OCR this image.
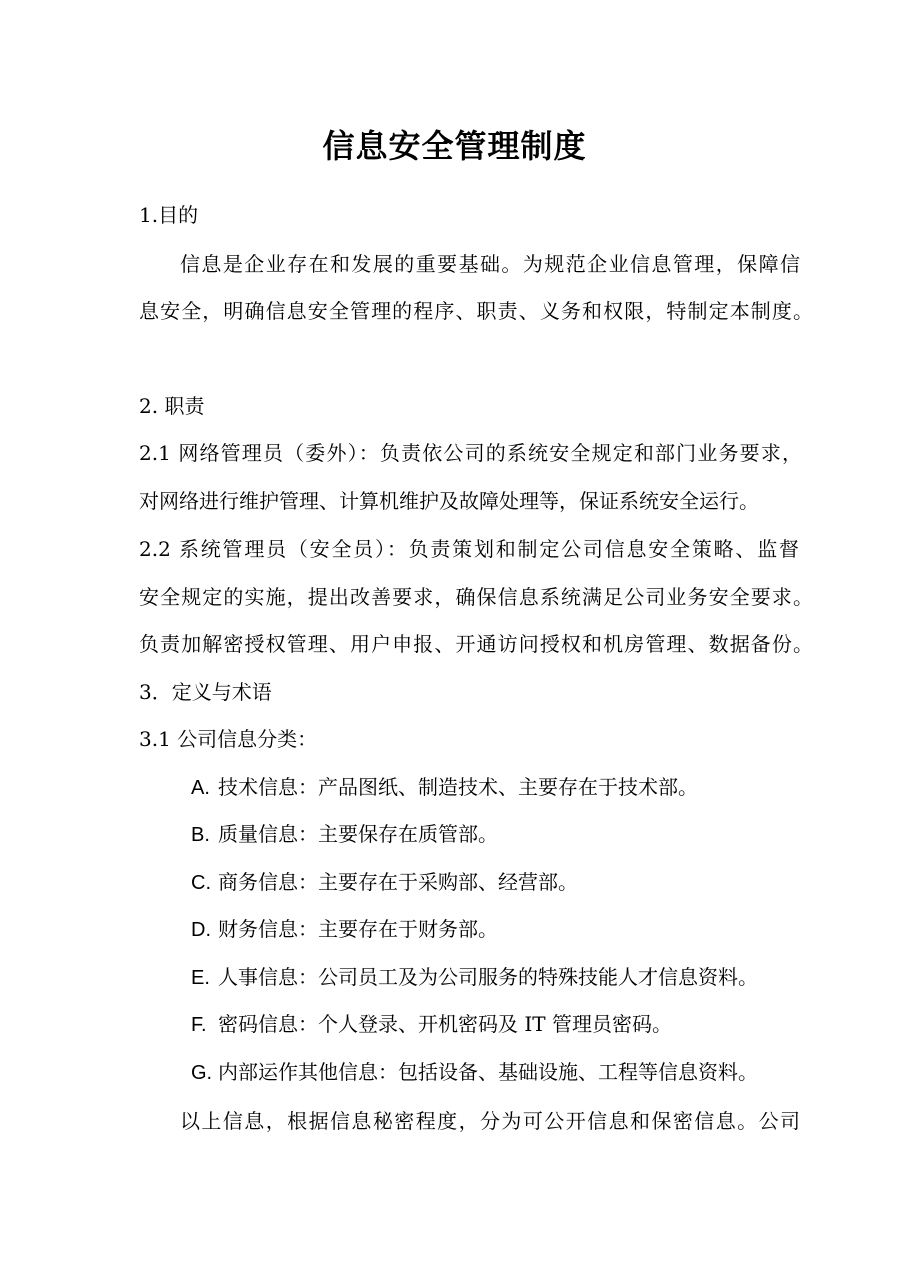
信息安全管理制度
1.目的
信息是企业存在和发展的重要基础。为规范企业信息管理，保障信
息安全，明确信息安全管理的程序、职责、义务和权限，特制定本制度。
2. 职责
2.1 网络管理员（委外）：负责依公司的系统安全规定和部门业务要求，
对网络进行维护管理、计算机维护及故障处理等，保证系统安全运行。
2.2 系统管理员（安全员）：负责策划和制定公司信息安全策略、监督
安全规定的实施，提出改善要求，确保信息系统满足公司业务安全要求。
负责加解密授权管理、用户申报、开通访问授权和机房管理、数据备份。
3．定义与术语
3.1 公司信息分类：
A. 技术信息：产品图纸、制造技术、主要存在于技术部。
B. 质量信息：主要保存在质管部。
C. 商务信息：主要存在于采购部、经营部。
D. 财务信息：主要存在于财务部。
E. 人事信息：公司员工及为公司服务的特殊技能人才信息资料。
F. 密码信息：个人登录、开机密码及 IT 管理员密码。
G. 内部运作其他信息：包括设备、基础设施、工程等信息资料。
以上信息，根据信息秘密程度，分为可公开信息和保密信息。公司
